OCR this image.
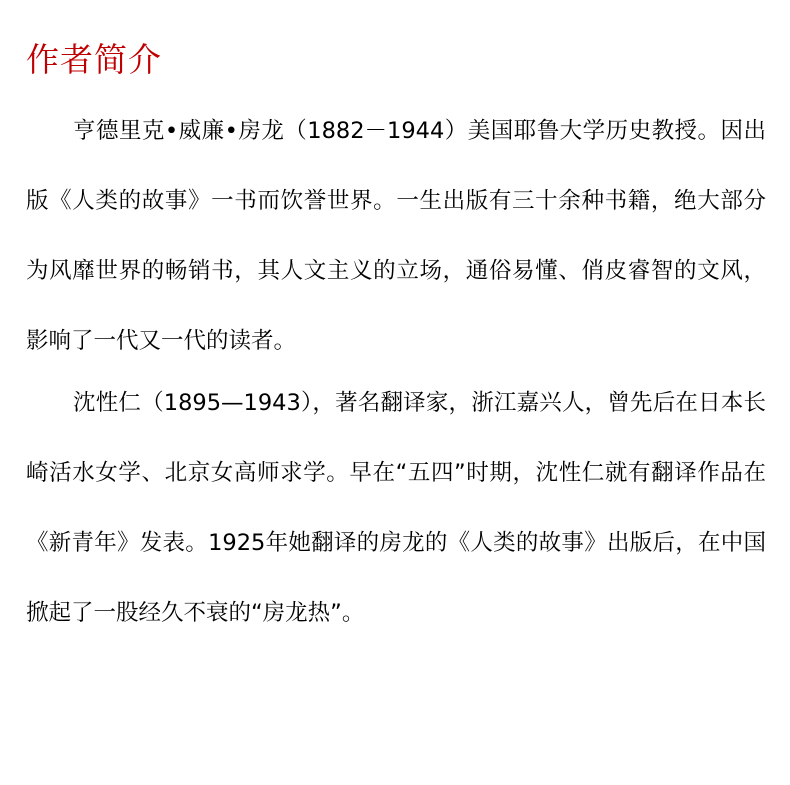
作者简介

亨德里克•威廉•房龙（1882－1944）美国耶鲁大学历史教授。因出版《人类的故事》一书而饮誉世界。一生出版有三十余种书籍，绝大部分为风靡世界的畅销书，其人文主义的立场，通俗易懂、俏皮睿智的文风，影响了一代又一代的读者。

沈性仁（1895—1943），著名翻译家，浙江嘉兴人，曾先后在日本长崎活水女学、北京女高师求学。早在“五四”时期，沈性仁就有翻译作品在《新青年》发表。1925年她翻译的房龙的《人类的故事》出版后，在中国掀起了一股经久不衰的“房龙热”。
